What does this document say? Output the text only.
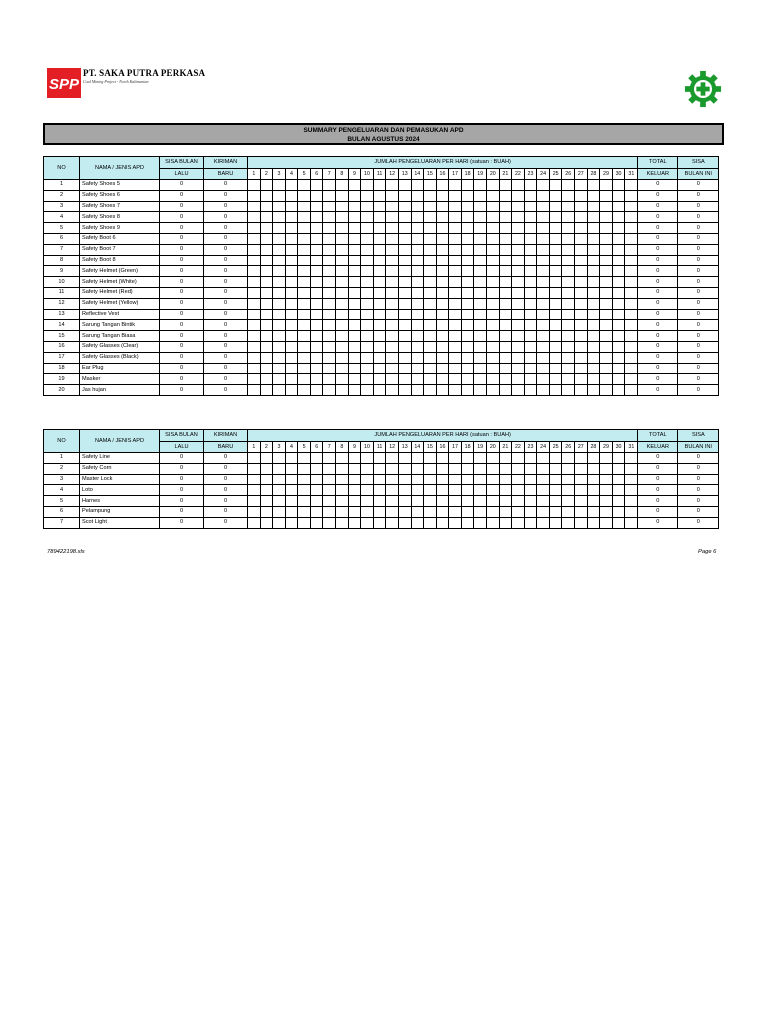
SPP
PT. SAKA PUTRA PERKASA
Coal Mining Project - North Kalimantan
SUMMARY PENGELUARAN DAN PEMASUKAN APD
BULAN AGUSTUS 2024
NO	NAMA / JENIS APD	SISA BULAN	KIRIMAN	JUMLAH PENGELUARAN PER HARI (satuan : BUAH)																															TOTAL	SISA
		LALU	BARU	1	2	3	4	5	6	7	8	9	10	11	12	13	14	15	16	17	18	19	20	21	22	23	24	25	26	27	28	29	30	31	KELUAR	BULAN INI
1	Safety Shoes 5	0	0																																0	0
2	Safety Shoes 6	0	0																																0	0
3	Safety Shoes 7	0	0																																0	0
4	Safety Shoes 8	0	0																																0	0
5	Safety Shoes 9	0	0																																0	0
6	Safety Boot 6	0	0																																0	0
7	Safety Boot 7	0	0																																0	0
8	Safety Boot 8	0	0																																0	0
9	Safety Helmet (Green)	0	0																																0	0
10	Safety Helmet (White)	0	0																																0	0
11	Safety Helmet (Red)	0	0																																0	0
12	Safety Helmet (Yellow)	0	0																																0	0
13	Reflective Vest	0	0																																0	0
14	Sarung Tangan Bintik	0	0																																0	0
15	Sarung Tangan Biasa	0	0																																0	0
16	Safety Glasses (Clear)	0	0																																0	0
17	Safety Glasses (Black)	0	0																																0	0
18	Ear Plug	0	0																																0	0
19	Masker	0	0																																0	0
20	Jas hujan	0	0																																0	0
NO	NAMA / JENIS APD	SISA BULAN	KIRIMAN	JUMLAH PENGELUARAN PER HARI (satuan : BUAH)																															TOTAL	SISA
		LALU	BARU	1	2	3	4	5	6	7	8	9	10	11	12	13	14	15	16	17	18	19	20	21	22	23	24	25	26	27	28	29	30	31	KELUAR	BULAN INI
1	Safety Line	0	0																																0	0
2	Safety Corn	0	0																																0	0
3	Master Lock	0	0																																0	0
4	Loto	0	0																																0	0
5	Harnes	0	0																																0	0
6	Pelampung	0	0																																0	0
7	Scot Light	0	0																																0	0
789422198.xls	Page 6
